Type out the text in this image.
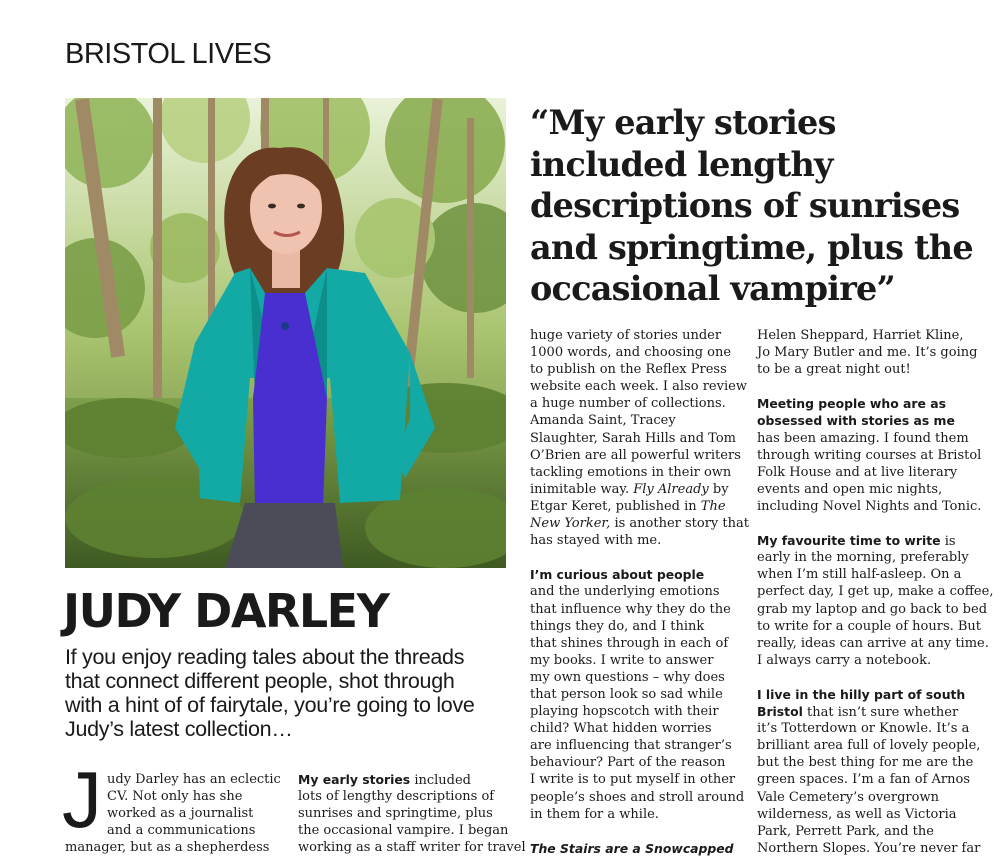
BRISTOL LIVES
“My early stories
included lengthy
descriptions of sunrises
and springtime, plus the
occasional vampire”
JUDY DARLEY
If you enjoy reading tales about the threads
that connect different people, shot through
with a hint of of fairytale, you’re going to love
Judy’s latest collection…
J udy Darley has an eclectic
CV. Not only has she
worked as a journalist
and a communications
manager, but as a shepherdess
My early stories included
lots of lengthy descriptions of
sunrises and springtime, plus
the occasional vampire. I began
working as a staff writer for travel
huge variety of stories under
1000 words, and choosing one
to publish on the Reflex Press
website each week. I also review
a huge number of collections.
Amanda Saint, Tracey
Slaughter, Sarah Hills and Tom
O’Brien are all powerful writers
tackling emotions in their own
inimitable way. Fly Already by
Etgar Keret, published in The
New Yorker, is another story that
has stayed with me.
I’m curious about people
and the underlying emotions
that influence why they do the
things they do, and I think
that shines through in each of
my books. I write to answer
my own questions – why does
that person look so sad while
playing hopscotch with their
child? What hidden worries
are influencing that stranger’s
behaviour? Part of the reason
I write is to put myself in other
people’s shoes and stroll around
in them for a while.
The Stairs are a Snowcapped
Helen Sheppard, Harriet Kline,
Jo Mary Butler and me. It’s going
to be a great night out!
Meeting people who are as
obsessed with stories as me
has been amazing. I found them
through writing courses at Bristol
Folk House and at live literary
events and open mic nights,
including Novel Nights and Tonic.
My favourite time to write is
early in the morning, preferably
when I’m still half-asleep. On a
perfect day, I get up, make a coffee,
grab my laptop and go back to bed
to write for a couple of hours. But
really, ideas can arrive at any time.
I always carry a notebook.
I live in the hilly part of south
Bristol that isn’t sure whether
it’s Totterdown or Knowle. It’s a
brilliant area full of lovely people,
but the best thing for me are the
green spaces. I’m a fan of Arnos
Vale Cemetery’s overgrown
wilderness, as well as Victoria
Park, Perrett Park, and the
Northern Slopes. You’re never far
